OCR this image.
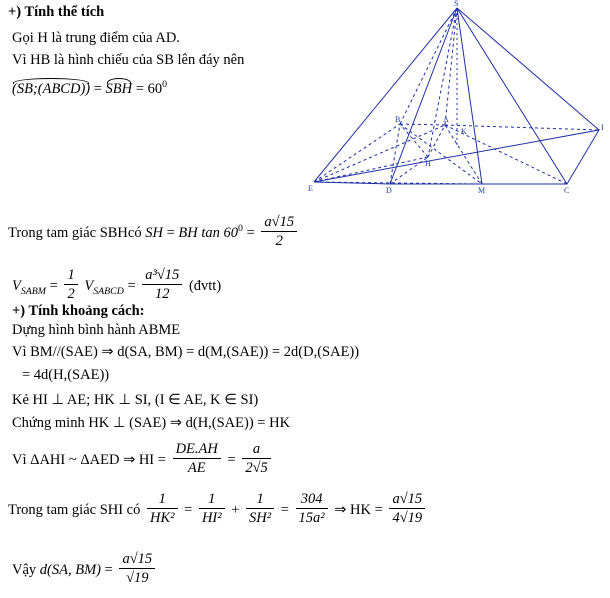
S
E	D	M	C
I
H
A
B
K
+) Tính thể tích
Gọi H là trung điểm của AD.
Vì HB là hình chiếu của SB lên đáy nên
(SB;(ABCD)) = SBH = $60^0$
Trong tam giác SBHcó SH = BH $\tan 60^0 = \frac{a√15}{2}$
$V_{SABM} = \frac{1}{2} V_{SABCD} = \frac{\text{a³√15}}{12}$ (đvtt)
+) Tính khoảng cách:
Dựng hình bình hành ABME
Vì BM//(SAE) ⇒ d(SA, BM) = d(M,(SAE)) = 2d(D,(SAE))
= 4d(H,(SAE))
Kẻ HI ⊥ AE; HK ⊥ SI, (I ∈ AE, K ∈ SI)
Chứng minh HK ⊥ (SAE) ⇒ d(H,(SAE)) = HK
Vì ΔAHI ~ ΔAED ⇒ HI = $\frac{DE.AH}{AE} = \frac{a}{2√5}$
Trong tam giác SHI có $\frac{1}{\text{HK²}} = \frac{1}{\text{HI²}} + \frac{1}{\text{SH²}} = \frac{304}{\text{15a²}}$ ⇒ HK = $\frac{a√15}{4√19}$
Vậy d(SA, $BM) = \frac{a√15}{√19}$
